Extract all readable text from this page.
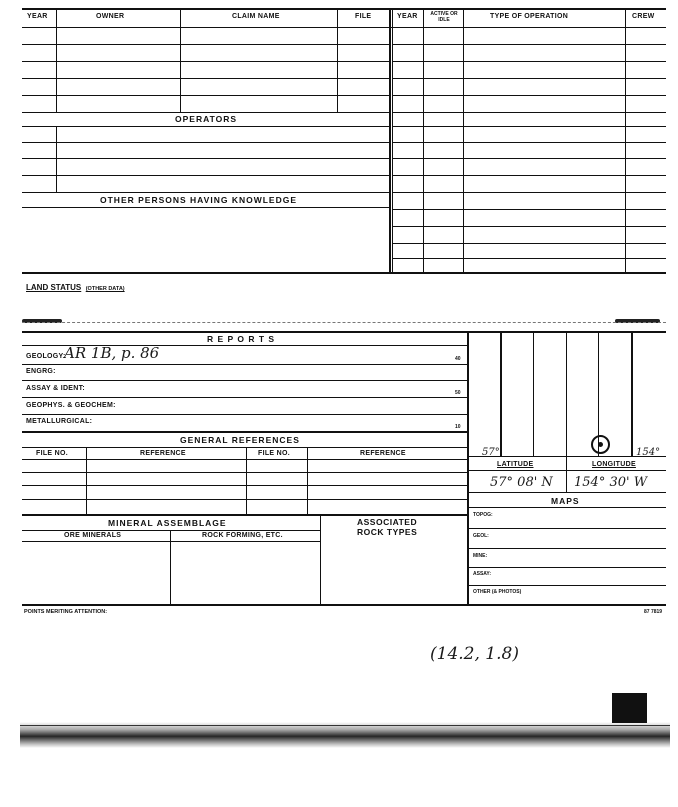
YEAR	OWNER	CLAIM NAME	FILE	YEAR	ACTIVE OR IDLE	TYPE OF OPERATION	CREW
OPERATORS
OTHER PERSONS HAVING KNOWLEDGE
LAND STATUS (OTHER DATA)
R E P O R T S
GEOLOGY:
AR 1B, p. 86	40
ENGRG:
ASSAY & IDENT:
50
GEOPHYS. & GEOCHEM:
METALLURGICAL:
10
GENERAL REFERENCES
FILE NO.	REFERENCE	FILE NO.	REFERENCE
MINERAL ASSEMBLAGE	ASSOCIATED
ROCK TYPES
ORE MINERALS	ROCK FORMING, ETC.
57°	154°
LATITUDE	LONGITUDE
57° 08' N 154° 30' W
MAPS
TOPOG:
GEOL:
MINE:
ASSAY:
OTHER (& PHOTOS)
POINTS MERITING ATTENTION:	87 7819
(14.2, 1.8)
